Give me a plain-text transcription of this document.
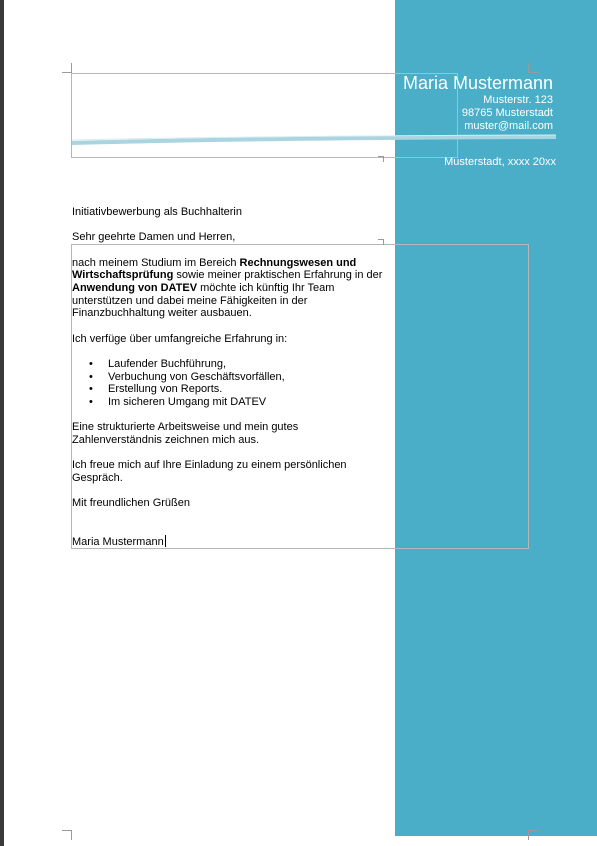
Maria Mustermann
Musterstr. 123
98765 Musterstadt
muster@mail.com
Musterstadt, xxxx 20xx

Initiativbewerbung als Buchhalterin

Sehr geehrte Damen und Herren,

nach meinem Studium im Bereich Rechnungswesen und Wirtschaftsprüfung sowie meiner praktischen Erfahrung in der Anwendung von DATEV möchte ich künftig Ihr Team unterstützen und dabei meine Fähigkeiten in der Finanzbuchhaltung weiter ausbauen.

Ich verfüge über umfangreiche Erfahrung in:

• Laufender Buchführung,
• Verbuchung von Geschäftsvorfällen,
• Erstellung von Reports.
• Im sicheren Umgang mit DATEV

Eine strukturierte Arbeitsweise und mein gutes Zahlenverständnis zeichnen mich aus.

Ich freue mich auf Ihre Einladung zu einem persönlichen Gespräch.

Mit freundlichen Grüßen

Maria Mustermann
